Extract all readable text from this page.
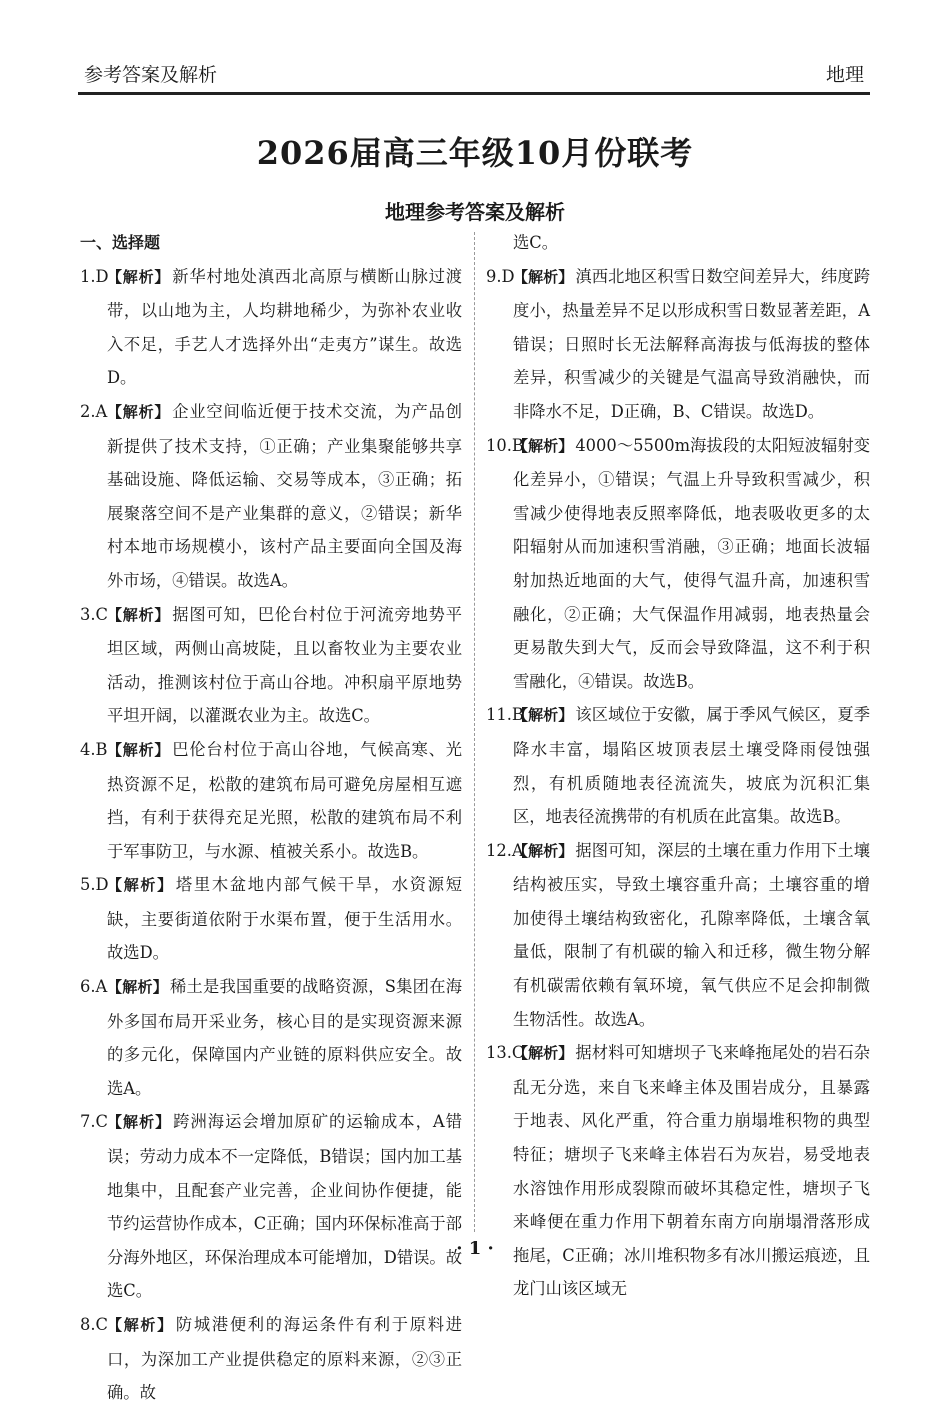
参考答案及解析	地理
2026届高三年级10月份联考
地理参考答案及解析

一、选择题

1.D
【解析】 新华村地处滇西北高原与横断山脉过渡带，以山地为主，人均耕地稀少，为弥补农业收入不足，手艺人才选择外出“走夷方”谋生。故选D。

2.A 【解析】 企业空间临近便于技术交流，为产品创新提供了技术支持，①正确；产业集聚能够共享基础设施、降低运输、交易等成本，③正确；拓展聚落空间不是产业集群的意义，②错误；新华村本地市场规模小，该村产品主要面向全国及海外市场，④错误。故选A。

3.C 【解析】 据图可知，巴伦台村位于河流旁地势平坦区域，两侧山高坡陡，且以畜牧业为主要农业活动，推测该村位于高山谷地。冲积扇平原地势平坦开阔，以灌溉农业为主。故选C。

4.B 【解析】 巴伦台村位于高山谷地，气候高寒、光热资源不足，松散的建筑布局可避免房屋相互遮挡，有利于获得充足光照，松散的建筑布局不利于军事防卫，与水源、植被关系小。故选B。

5.D
【解析】 塔里木盆地内部气候干旱，水资源短缺，主要街道依附于水渠布置，便于生活用水。故选D。

6.A 【解析】 稀土是我国重要的战略资源，S集团在海外多国布局开采业务，核心目的是实现资源来源的多元化，保障国内产业链的原料供应安全。故选A。

7.C 【解析】 跨洲海运会增加原矿的运输成本，A错误；劳动力成本不一定降低，B错误；国内加工基地集中，且配套产业完善，企业间协作便捷，能节约运营协作成本，C正确；国内环保标准高于部分海外地区，环保治理成本可能增加，D错误。故选C。

8.C 【解析】 防城港便利的海运条件有利于原料进口，为深加工产业提供稳定的原料来源，②③正确。故

选C。

9.D
【解析】 滇西北地区积雪日数空间差异大，纬度跨度小，热量差异不足以形成积雪日数显著差距，A错误；日照时长无法解释高海拔与低海拔的整体差异，积雪减少的关键是气温高导致消融快，而非降水不足，D正确，B、C错误。故选D。

10.B
【解析】 4000～5500m海拔段的太阳短波辐射变化差异小，①错误；气温上升导致积雪减少，积雪减少使得地表反照率降低，地表吸收更多的太阳辐射从而加速积雪消融，③正确；地面长波辐射加热近地面的大气，使得气温升高，加速积雪融化，②正确；大气保温作用减弱，地表热量会更易散失到大气，反而会导致降温，这不利于积雪融化，④错误。故选B。

11.B
【解析】 该区域位于安徽，属于季风气候区，夏季降水丰富，塌陷区坡顶表层土壤受降雨侵蚀强烈，有机质随地表径流流失，坡底为沉积汇集区，地表径流携带的有机质在此富集。故选B。

12.A
【解析】 据图可知，深层的土壤在重力作用下土壤结构被压实，导致土壤容重升高；土壤容重的增加使得土壤结构致密化，孔隙率降低，土壤含氧量低，限制了有机碳的输入和迁移，微生物分解有机碳需依赖有氧环境，氧气供应不足会抑制微生物活性。故选A。

13.C
【解析】 据材料可知塘坝子飞来峰拖尾处的岩石杂乱无分选，来自飞来峰主体及围岩成分，且暴露于地表、风化严重，符合重力崩塌堆积物的典型特征；塘坝子飞来峰主体岩石为灰岩，易受地表水溶蚀作用形成裂隙而破坏其稳定性，塘坝子飞来峰便在重力作用下朝着东南方向崩塌滑落形成拖尾，C正确；冰川堆积物多有冰川搬运痕迹，且龙门山该区域无

· 1 ·
